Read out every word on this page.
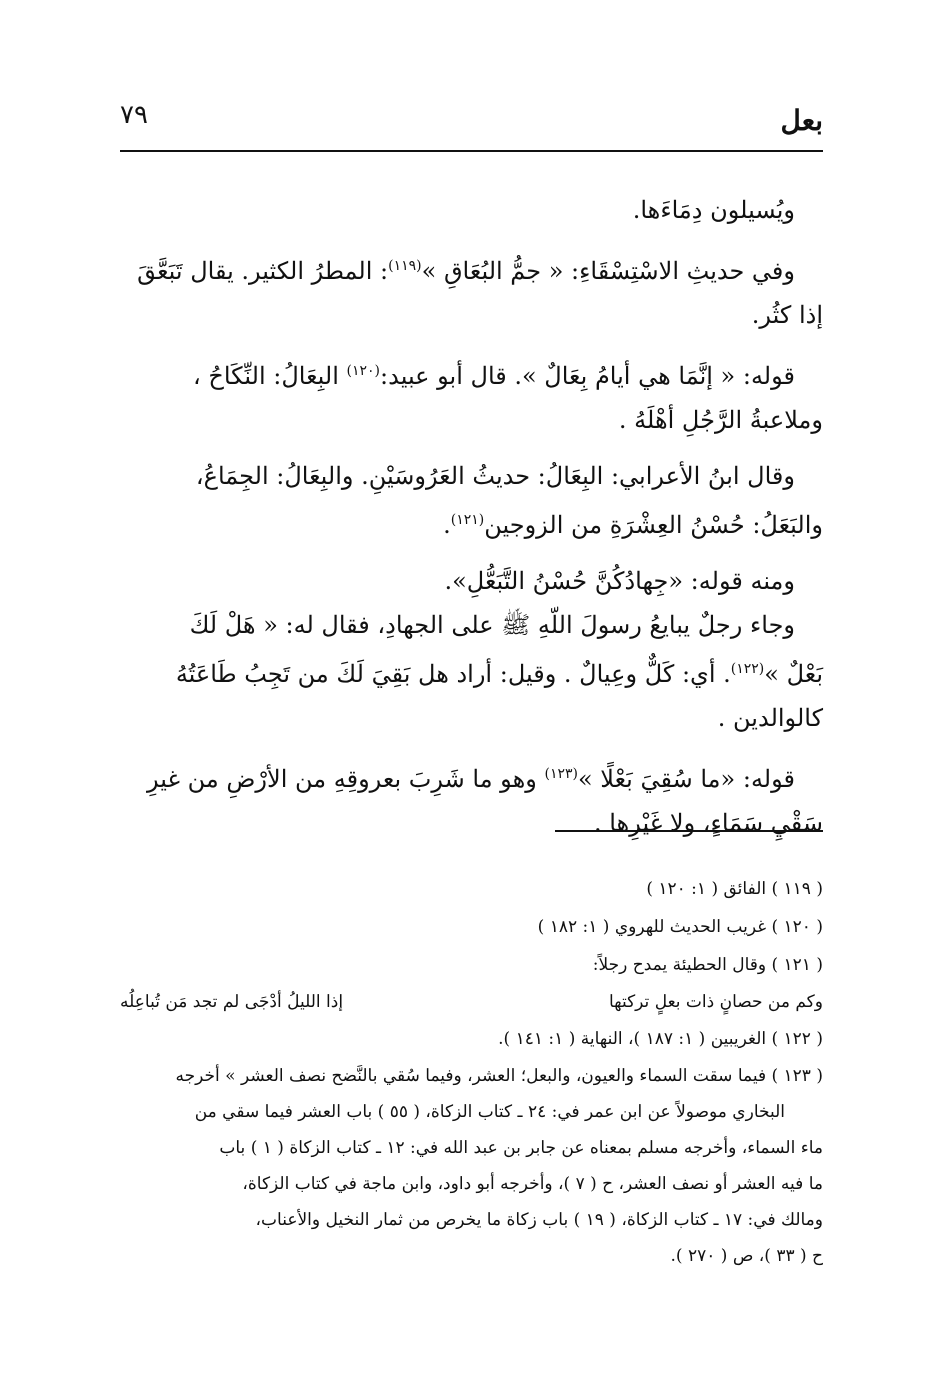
٧٩	بعل

ويُسيلون دِمَاءَها.

وفي حديثِ الاسْتِسْقَاءِ: « جمُّ البُعَاقِ »$^{(١١٩)}$: المطرُ الكثير. يقال تَبَعَّقَ

إذا كثُر.

قوله: « إنَّمَا هي أيامُ بِعَالٌ ». قال أبو عبيد:$^{(١٢٠)}$ البِعَالُ: النِّكَاحُ ،

وملاعبةُ الرَّجُلِ أهْلَهُ .

وقال ابنُ الأعرابي: البِعَالُ: حديثُ العَرُوسَيْنِ. والبِعَالُ: الجِمَاعُ،

والبَعَلُ: حُسْنُ العِشْرَةِ من الزوجين$^{(١٢١)}$.

ومنه قوله: «جِهادُكُنَّ حُسْنُ التَّبَعُّلِ».

وجاء رجلٌ يبايعُ رسولَ اللّهِ ﷺ على الجهادِ، فقال له: « هَلْ لَكَ

بَعْلٌ »$^{(١٢٢)}$. أي: كَلٌّ وعِيالٌ . وقيل: أراد هل بَقِيَ لَكَ من تَجِبُ طَاعَتُهُ

كالوالدين .

قوله: «ما سُقِيَ بَعْلًا »$^{(١٢٣)}$ وهو ما شَرِبَ بعروقِهِ من الأرْضِ من غيرِ

سَقْيِ سَمَاءٍ، ولا غَيْرِها .

( ١١٩ ) الفائق ( ١: ١٢٠ )

( ١٢٠ ) غريب الحديث للهروي ( ١: ١٨٢ )

( ١٢١ ) وقال الحطيئة يمدح رجلاً:

وكم من حصانٍ ذات بعلٍ تركتها
إذا الليلُ أدْجَى لم تجد مَن تُباعِلُه

( ١٢٢ ) الغريبين ( ١: ١٨٧ )، النهاية ( ١: ١٤١ ).

( ١٢٣ ) فيما سقت السماء والعيون، والبعل؛ العشر، وفيما سُقي بالنَّضح نصف العشر » أخرجه

البخاري موصولاً عن ابن عمر في: ٢٤ ـ كتاب الزكاة، ( ٥٥ ) باب العشر فيما سقي من

ماء السماء، وأخرجه مسلم بمعناه عن جابر بن عبد الله في: ١٢ ـ كتاب الزكاة ( ١ ) باب

ما فيه العشر أو نصف العشر، ح ( ٧ )، وأخرجه أبو داود، وابن ماجة في كتاب الزكاة،

ومالك في: ١٧ ـ كتاب الزكاة، ( ١٩ ) باب زكاة ما يخرص من ثمار النخيل والأعناب،

ح ( ٣٣ )، ص ( ٢٧٠ ).
